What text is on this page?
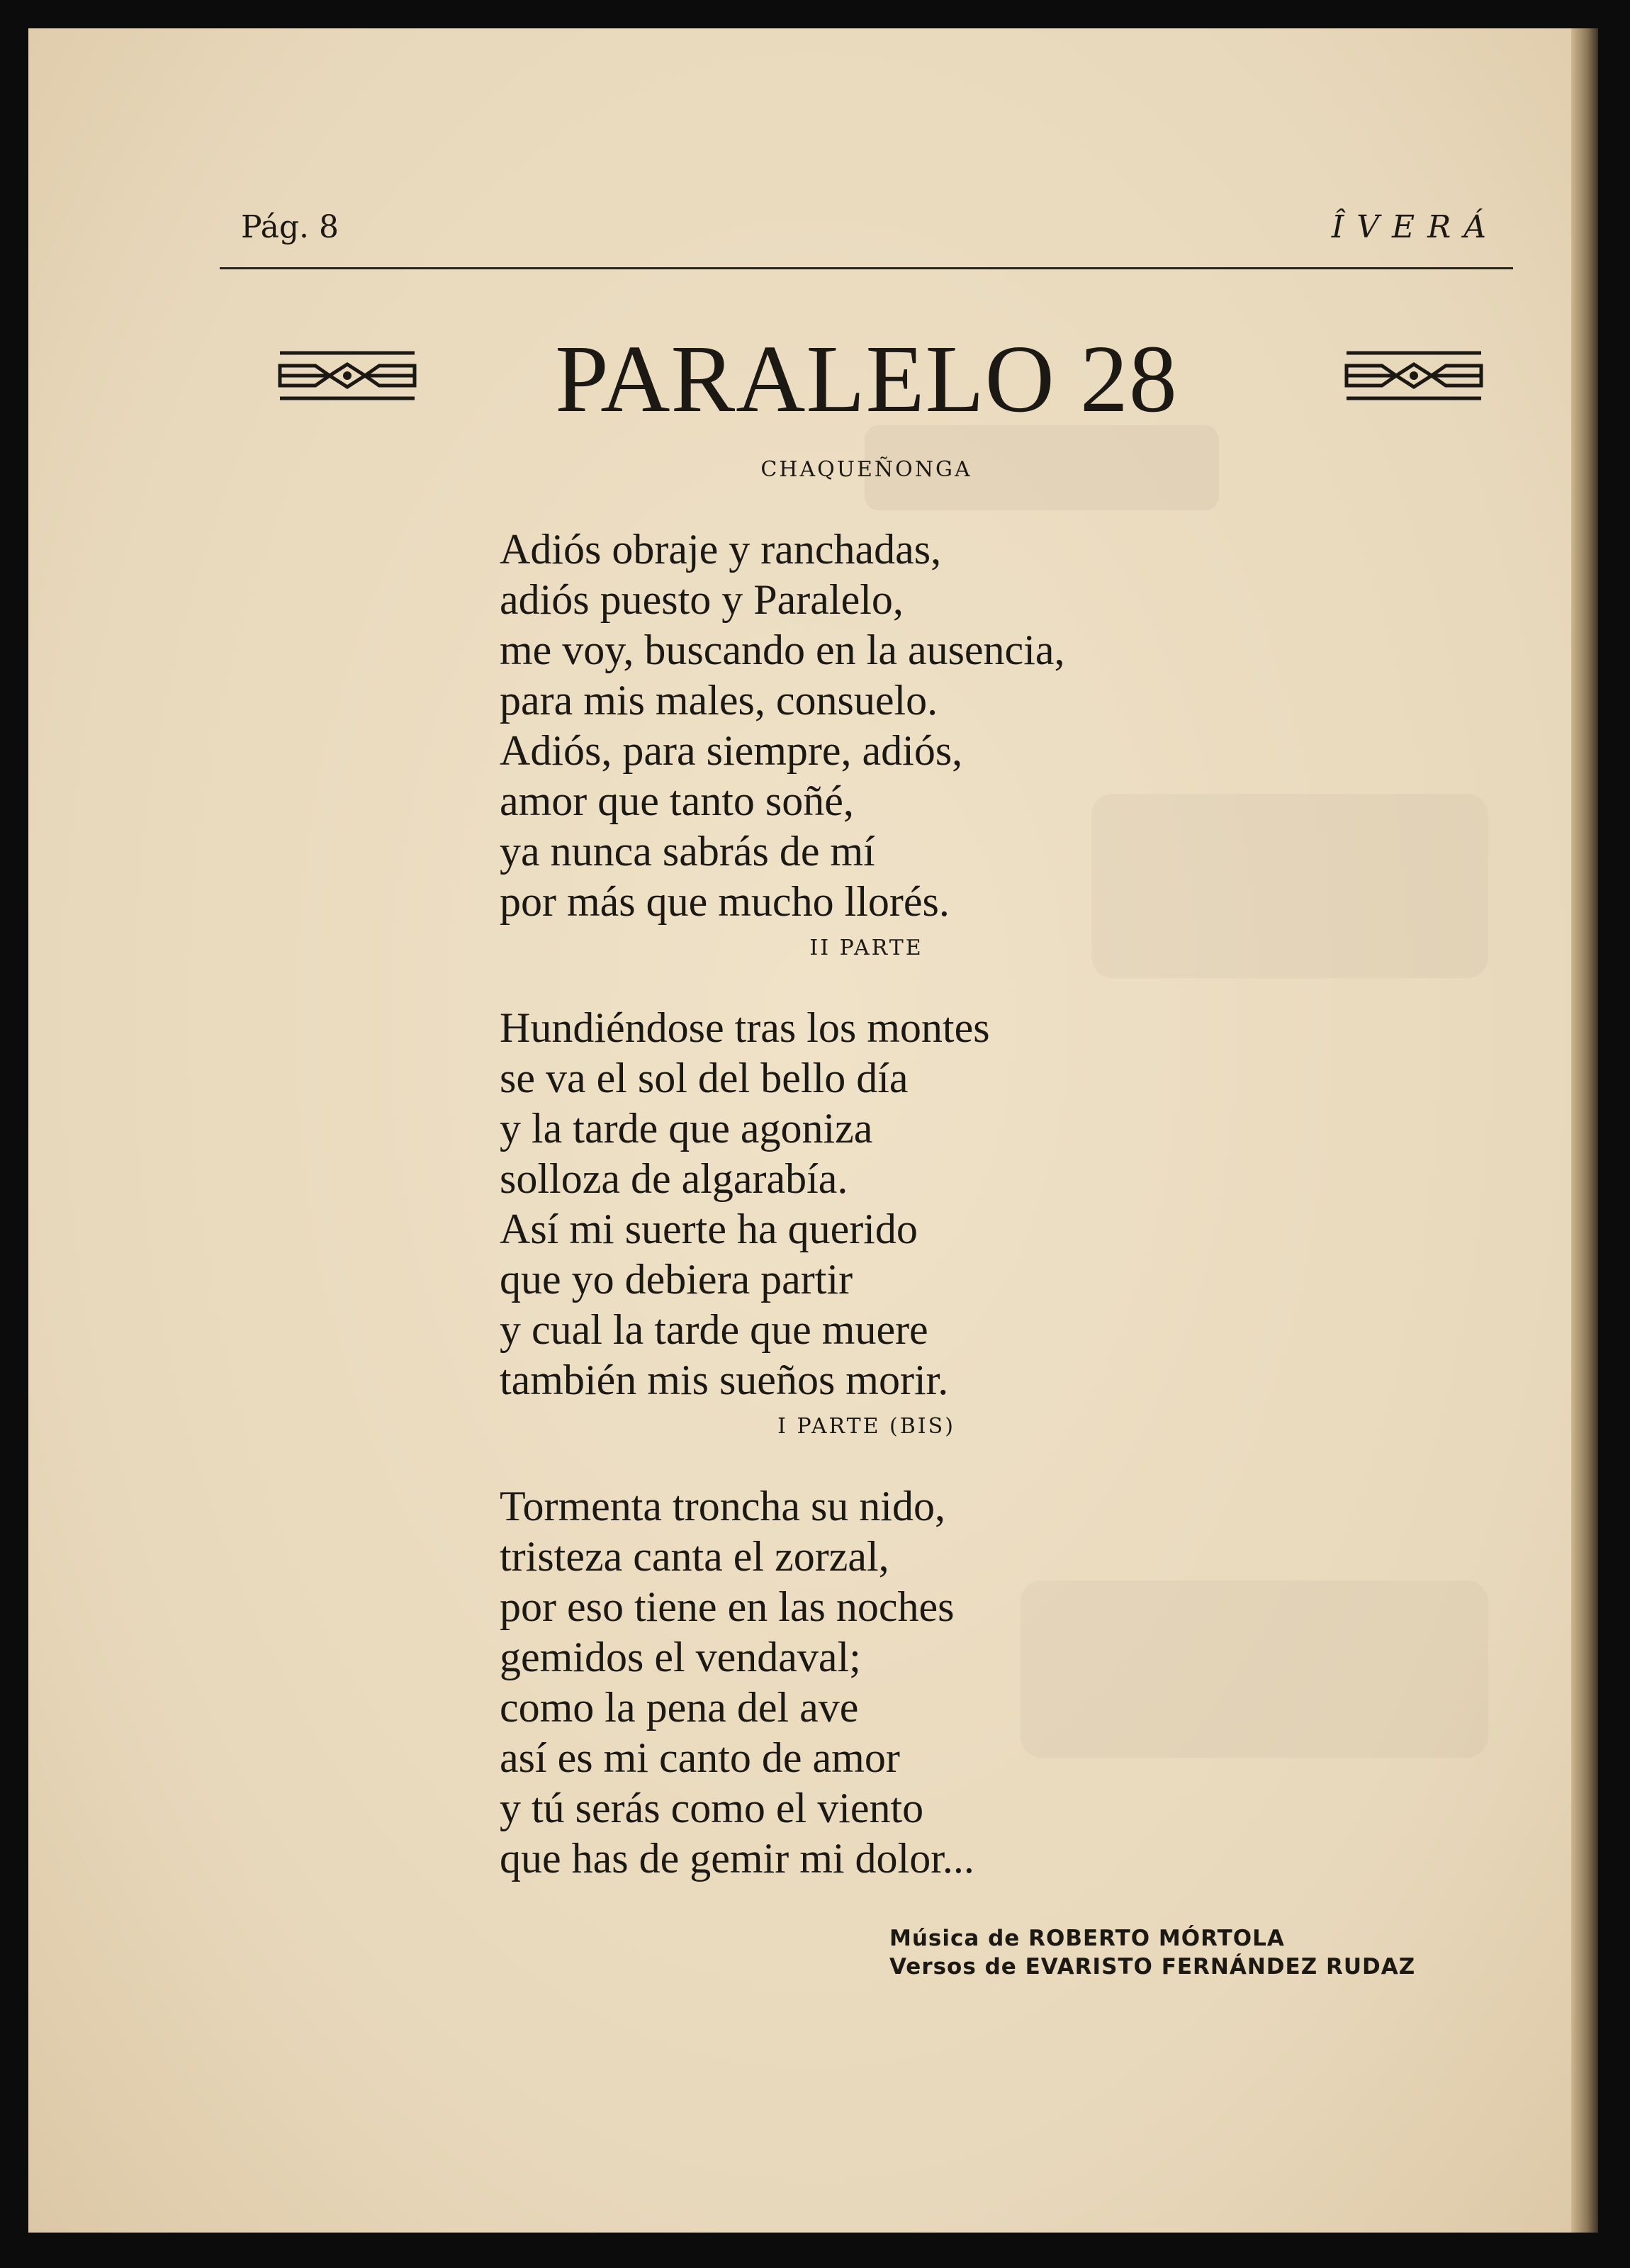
Pág. 8	ÎVERÁ
PARALELO 28
CHAQUEÑONGA
Adiós obraje y ranchadas,
adiós puesto y Paralelo,
me voy, buscando en la ausencia,
para mis males, consuelo.
Adiós, para siempre, adiós,
amor que tanto soñé,
ya nunca sabrás de mí
por más que mucho llorés.
II PARTE
Hundiéndose tras los montes
se va el sol del bello día
y la tarde que agoniza
solloza de algarabía.
Así mi suerte ha querido
que yo debiera partir
y cual la tarde que muere
también mis sueños morir.
I PARTE (BIS)
Tormenta troncha su nido,
tristeza canta el zorzal,
por eso tiene en las noches
gemidos el vendaval;
como la pena del ave
así es mi canto de amor
y tú serás como el viento
que has de gemir mi dolor...
Música de ROBERTO MÓRTOLA
Versos de EVARISTO FERNÁNDEZ RUDAZ
